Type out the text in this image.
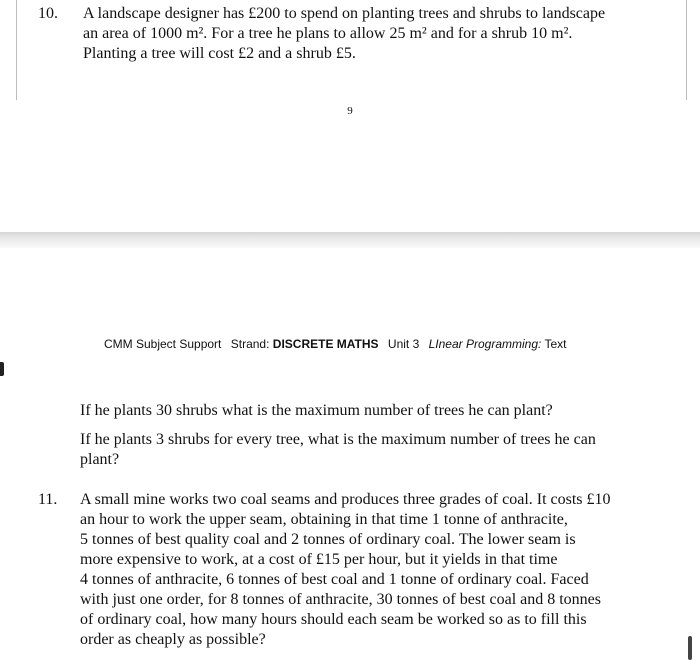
10. A landscape designer has £200 to spend on planting trees and shrubs to landscape
an area of 1000 m². For a tree he plans to allow 25 m² and for a shrub 10 m².
Planting a tree will cost £2 and a shrub £5.
9
CMM Subject Support Strand: DISCRETE MATHS Unit 3 LInear Programming: Text
If he plants 30 shrubs what is the maximum number of trees he can plant?
If he plants 3 shrubs for every tree, what is the maximum number of trees he can
plant?
11. A small mine works two coal seams and produces three grades of coal. It costs £10
an hour to work the upper seam, obtaining in that time 1 tonne of anthracite,
5 tonnes of best quality coal and 2 tonnes of ordinary coal. The lower seam is
more expensive to work, at a cost of £15 per hour, but it yields in that time
4 tonnes of anthracite, 6 tonnes of best coal and 1 tonne of ordinary coal. Faced
with just one order, for 8 tonnes of anthracite, 30 tonnes of best coal and 8 tonnes
of ordinary coal, how many hours should each seam be worked so as to fill this
order as cheaply as possible?
